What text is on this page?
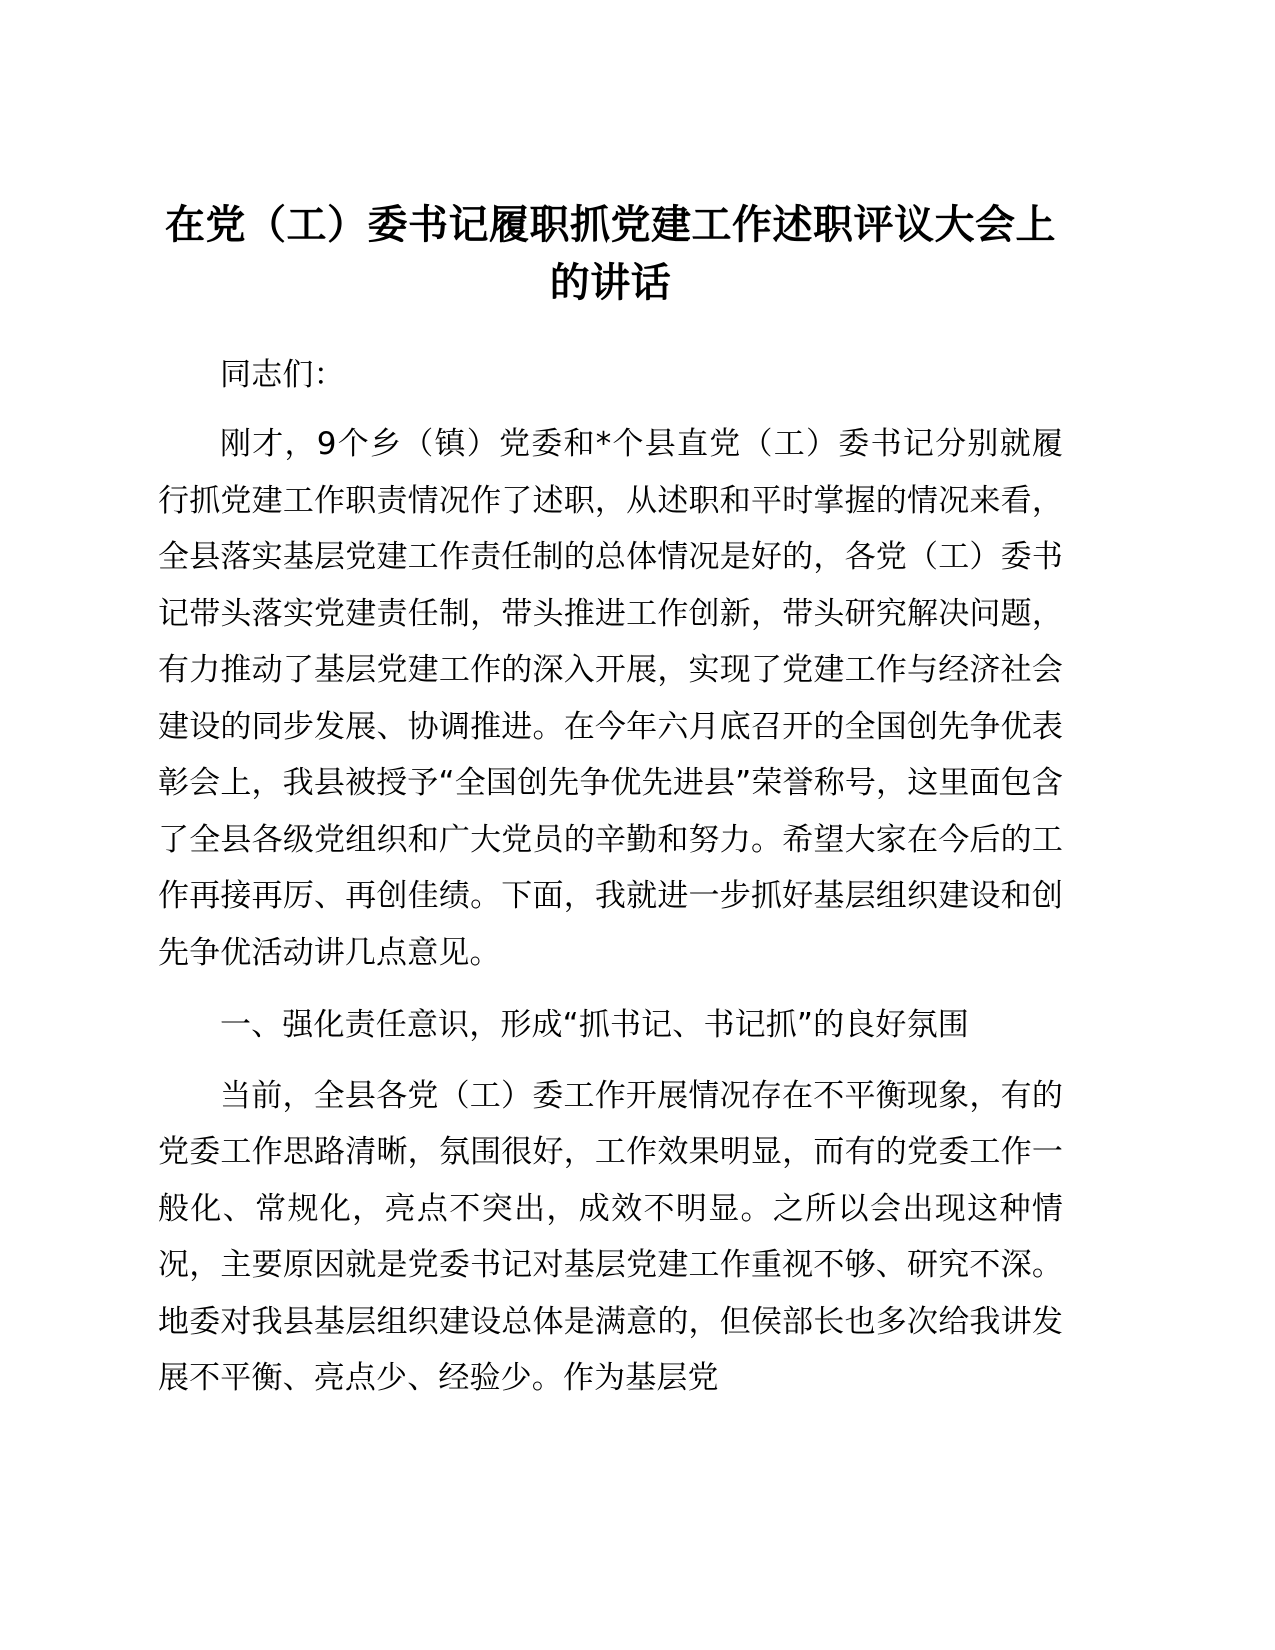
在党（工）委书记履职抓党建工作述职评议大会上的讲话

同志们：

刚才，9个乡（镇）党委和*个县直党（工）委书记分别就履行抓党建工作职责情况作了述职，从述职和平时掌握的情况来看，全县落实基层党建工作责任制的总体情况是好的，各党（工）委书记带头落实党建责任制，带头推进工作创新，带头研究解决问题，有力推动了基层党建工作的深入开展，实现了党建工作与经济社会建设的同步发展、协调推进。在今年六月底召开的全国创先争优表彰会上，我县被授予“全国创先争优先进县”荣誉称号，这里面包含了全县各级党组织和广大党员的辛勤和努力。希望大家在今后的工作再接再厉、再创佳绩。下面，我就进一步抓好基层组织建设和创先争优活动讲几点意见。

一、强化责任意识，形成“抓书记、书记抓”的良好氛围

当前，全县各党（工）委工作开展情况存在不平衡现象，有的党委工作思路清晰，氛围很好，工作效果明显，而有的党委工作一般化、常规化，亮点不突出，成效不明显。之所以会出现这种情况，主要原因就是党委书记对基层党建工作重视不够、研究不深。地委对我县基层组织建设总体是满意的，但侯部长也多次给我讲发展不平衡、亮点少、经验少。作为基层党
